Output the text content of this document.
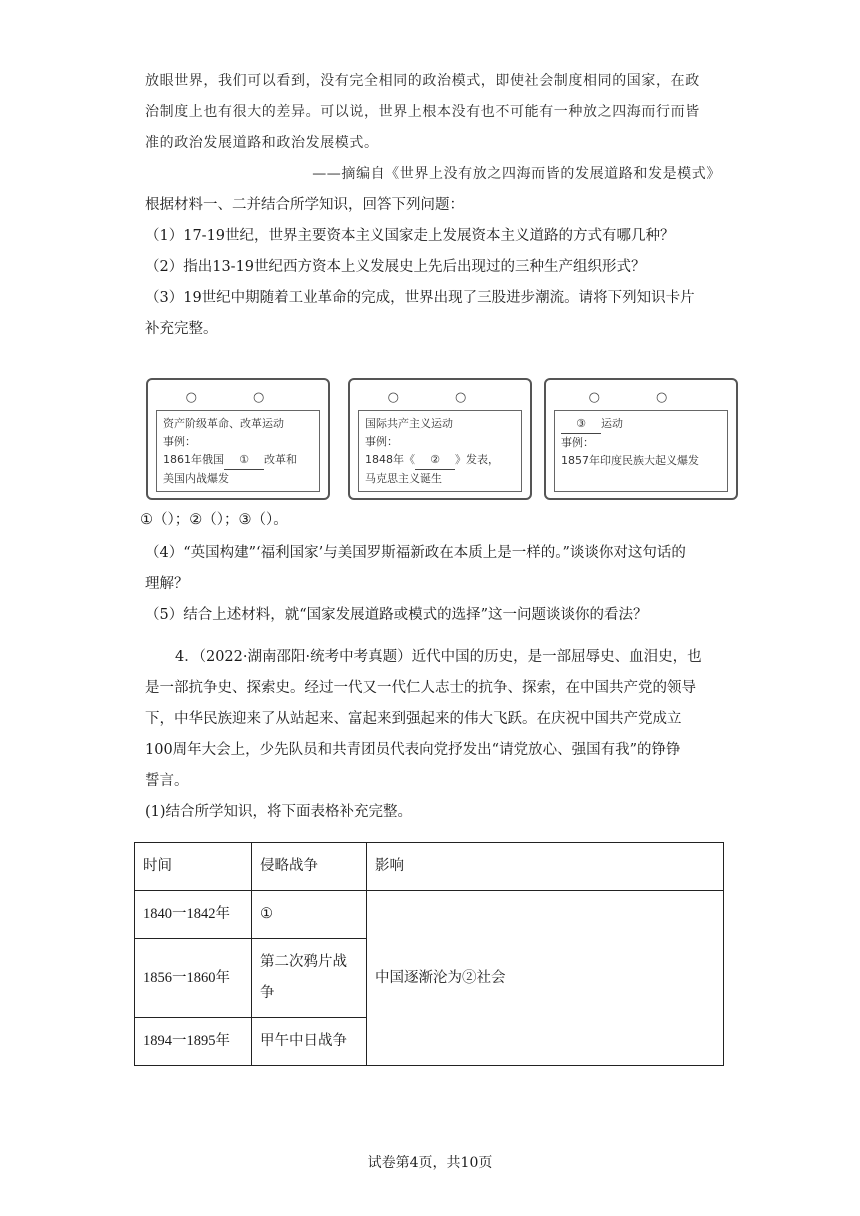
放眼世界，我们可以看到，没有完全相同的政治模式，即使社会制度相同的国家，在政

治制度上也有很大的差异。可以说，世界上根本没有也不可能有一种放之四海而行而皆

准的政治发展道路和政治发展模式。

——摘编自《世界上没有放之四海而皆的发展道路和发是模式》

根据材料一、二并结合所学知识，回答下列问题：

（1）17-19世纪，世界主要资本主义国家走上发展资本主义道路的方式有哪几种？

（2）指出13-19世纪西方资本上义发展史上先后出现过的三种生产组织形式？

（3）19世纪中期随着工业革命的完成，世界出现了三股进步潮流。请将下列知识卡片

补充完整。

○ ○
资产阶级革命、改革运动
事例：
1861年俄国 ① 改革和
美国内战爆发
○ ○
国际共产主义运动
事例：
1848年《 ② 》发表，
马克思主义诞生
○ ○
③ 运动
事例：
1857年印度民族大起义爆发
①（）；②（）；③（）。

（4）“英国构建”‘福利国家’与美国罗斯福新政在本质上是一样的。”谈谈你对这句话的

理解？

（5）结合上述材料，就“国家发展道路或模式的选择”这一问题谈谈你的看法？

4．（2022·湖南邵阳·统考中考真题）近代中国的历史，是一部屈辱史、血泪史，也

是一部抗争史、探索史。经过一代又一代仁人志士的抗争、探索，在中国共产党的领导

下，中华民族迎来了从站起来、富起来到强起来的伟大飞跃。在庆祝中国共产党成立

100周年大会上，少先队员和共青团员代表向党抒发出“请党放心、强国有我”的铮铮

誓言。

(1)结合所学知识，将下面表格补充完整。

时间	侵略战争	影响
1840一1842年	①	中国逐渐沦为②社会
1856一1860年	第二次鸦片战争	
1894一1895年	甲午中日战争	
试卷第4页，共10页
